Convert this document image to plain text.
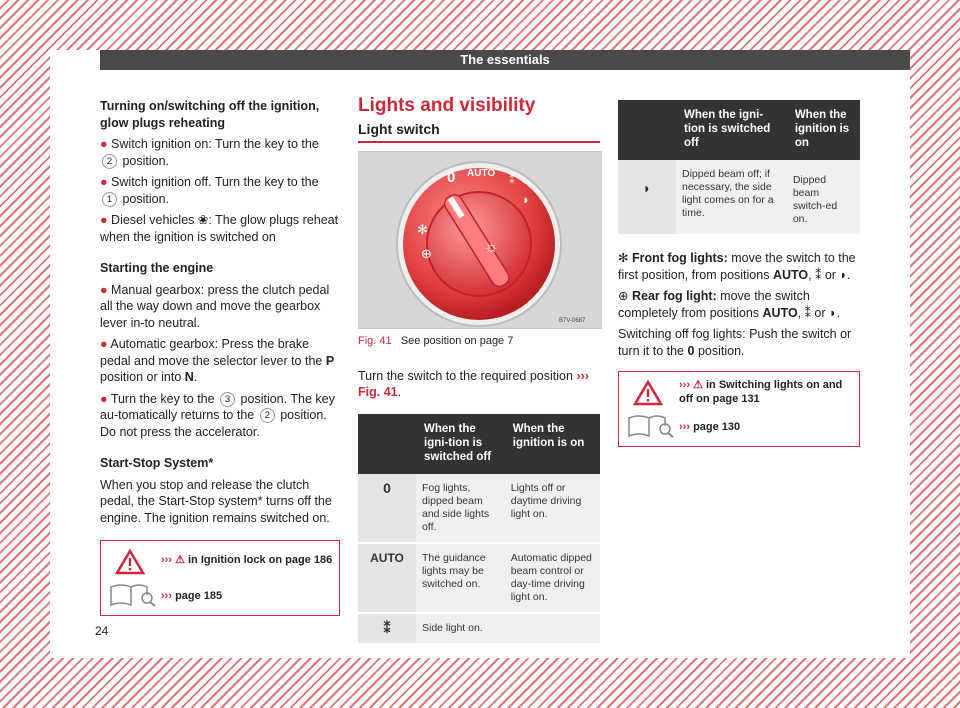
The essentials

Turning on/switching off the ignition, glow plugs reheating

● Switch ignition on: Turn the key to the 2 position.

● Switch ignition off. Turn the key to the 1 position.

● Diesel vehicles ❀: The glow plugs reheat when the ignition is switched on

Starting the engine

● Manual gearbox: press the clutch pedal all the way down and move the gearbox lever in-to neutral.

● Automatic gearbox: Press the brake pedal and move the selector lever to the P position or into N.

● Turn the key to the 3 position. The key au-tomatically returns to the 2 position. Do not press the accelerator.

Start-Stop System*

When you stop and release the clutch pedal, the Start-Stop system* turns off the engine. The ignition remains switched on.

››› ⚠ in Ignition lock on page 186
››› page 185
Lights and visibility
Light switch
0 AUTO ⁑
◗
✻
⊕	☼
B7V-0687
Fig. 41 See position on page 7

Turn the switch to the required position ››› Fig. 41.

	When the igni-tion is switched off	When the ignition is on
0	Fog lights, dipped beam and side lights off.	Lights off or daytime driving light on.
AUTO	The guidance lights may be switched on.	Automatic dipped beam control or day-time driving light on.
⁑	Side light on.	
	When the igni-tion is switched off	When the ignition is on
◗	Dipped beam off; if necessary, the side light comes on for a time.	Dipped beam switch-ed on.

✻ Front fog lights: move the switch to the first position, from positions AUTO, ⁑ or ◗.

⊕ Rear fog light: move the switch completely from positions AUTO, ⁑ or ◗.

Switching off fog lights: Push the switch or turn it to the 0 position.

››› ⚠ in Switching lights on and off on page 131
››› page 130
24
